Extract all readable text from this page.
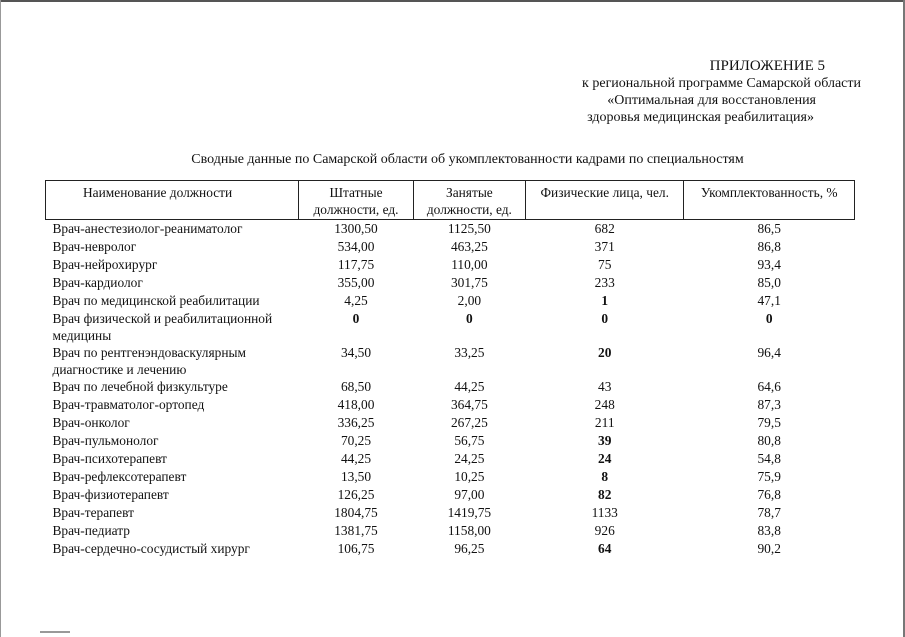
ПРИЛОЖЕНИЕ 5
к региональной программе Самарской области
«Оптимальная для восстановления
здоровья медицинская реабилитация»
Сводные данные по Самарской области об укомплектованности кадрами по специальностям
Наименование должности	Штатные должности, ед.	Занятые должности, ед.	Физические лица, чел.	Укомплектованность, %
Врач-анестезиолог-реаниматолог	1300,50	1125,50	682	86,5
Врач-невролог	534,00	463,25	371	86,8
Врач-нейрохирург	117,75	110,00	75	93,4
Врач-кардиолог	355,00	301,75	233	85,0
Врач по медицинской реабилитации	4,25	2,00	1	47,1
Врач физической и реабилитационной медицины	0	0	0	0
Врач по рентгенэндоваскулярным диагностике и лечению	34,50	33,25	20	96,4
Врач по лечебной физкультуре	68,50	44,25	43	64,6
Врач-травматолог-ортопед	418,00	364,75	248	87,3
Врач-онколог	336,25	267,25	211	79,5
Врач-пульмонолог	70,25	56,75	39	80,8
Врач-психотерапевт	44,25	24,25	24	54,8
Врач-рефлексотерапевт	13,50	10,25	8	75,9
Врач-физиотерапевт	126,25	97,00	82	76,8
Врач-терапевт	1804,75	1419,75	1133	78,7
Врач-педиатр	1381,75	1158,00	926	83,8
Врач-сердечно-сосудистый хирург	106,75	96,25	64	90,2
